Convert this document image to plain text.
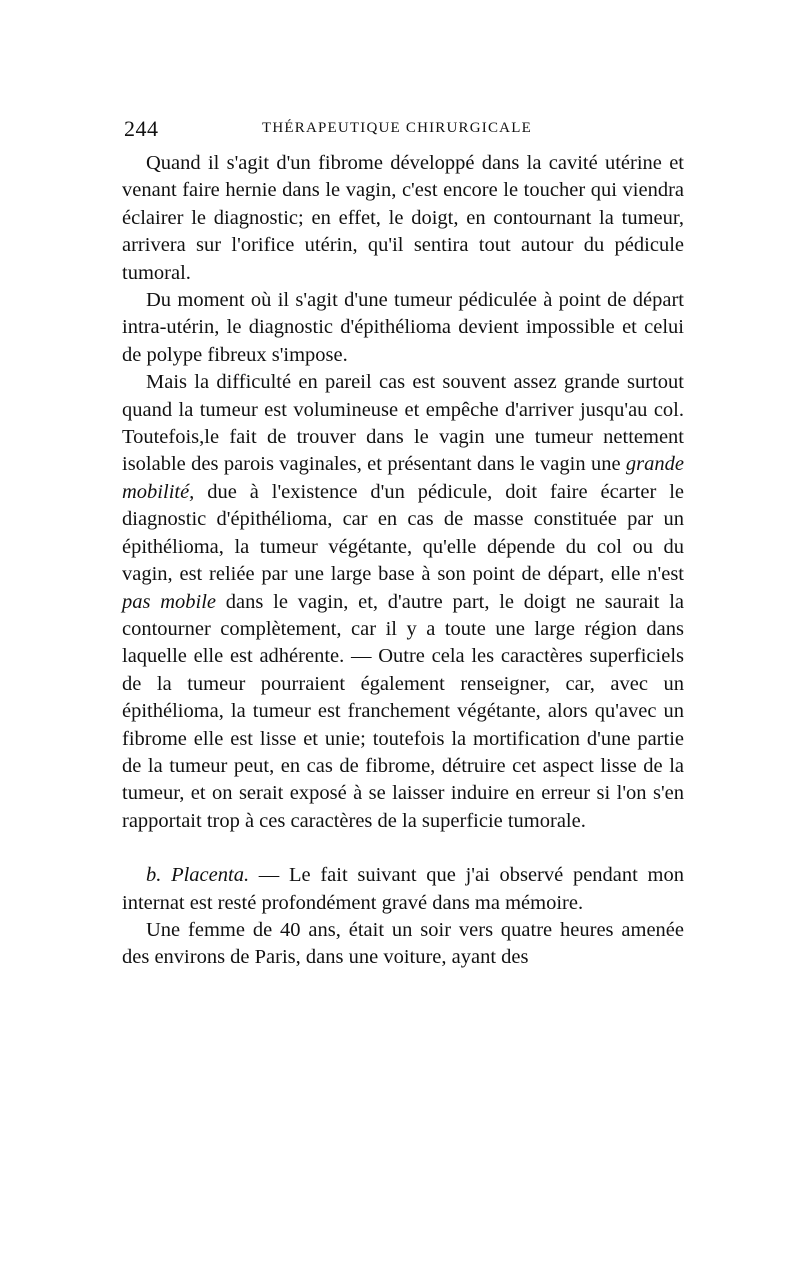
244	THÉRAPEUTIQUE CHIRURGICALE

Quand il s'agit d'un fibrome développé dans la cavité utérine et venant faire hernie dans le vagin, c'est encore le toucher qui viendra éclairer le diagnostic; en effet, le doigt, en contournant la tumeur, arrivera sur l'orifice utérin, qu'il sentira tout autour du pédicule tumoral.

Du moment où il s'agit d'une tumeur pédiculée à point de départ intra-utérin, le diagnostic d'épithélioma devient impossible et celui de polype fibreux s'impose.

Mais la difficulté en pareil cas est souvent assez grande surtout quand la tumeur est volumineuse et empêche d'arriver jusqu'au col. Toutefois,le fait de trouver dans le vagin une tumeur nettement isolable des parois vaginales, et présentant dans le vagin une grande mobilité, due à l'existence d'un pédicule, doit faire écarter le diagnostic d'épithélioma, car en cas de masse constituée par un épithélioma, la tumeur végétante, qu'elle dépende du col ou du vagin, est reliée par une large base à son point de départ, elle n'est pas mobile dans le vagin, et, d'autre part, le doigt ne saurait la contourner complètement, car il y a toute une large région dans laquelle elle est adhérente. — Outre cela les caractères superficiels de la tumeur pourraient également renseigner, car, avec un épithélioma, la tumeur est franchement végétante, alors qu'avec un fibrome elle est lisse et unie; toutefois la mortification d'une partie de la tumeur peut, en cas de fibrome, détruire cet aspect lisse de la tumeur, et on serait exposé à se laisser induire en erreur si l'on s'en rapportait trop à ces caractères de la superficie tumorale.

b. Placenta. — Le fait suivant que j'ai observé pendant mon internat est resté profondément gravé dans ma mémoire.

Une femme de 40 ans, était un soir vers quatre heures amenée des environs de Paris, dans une voiture, ayant des
